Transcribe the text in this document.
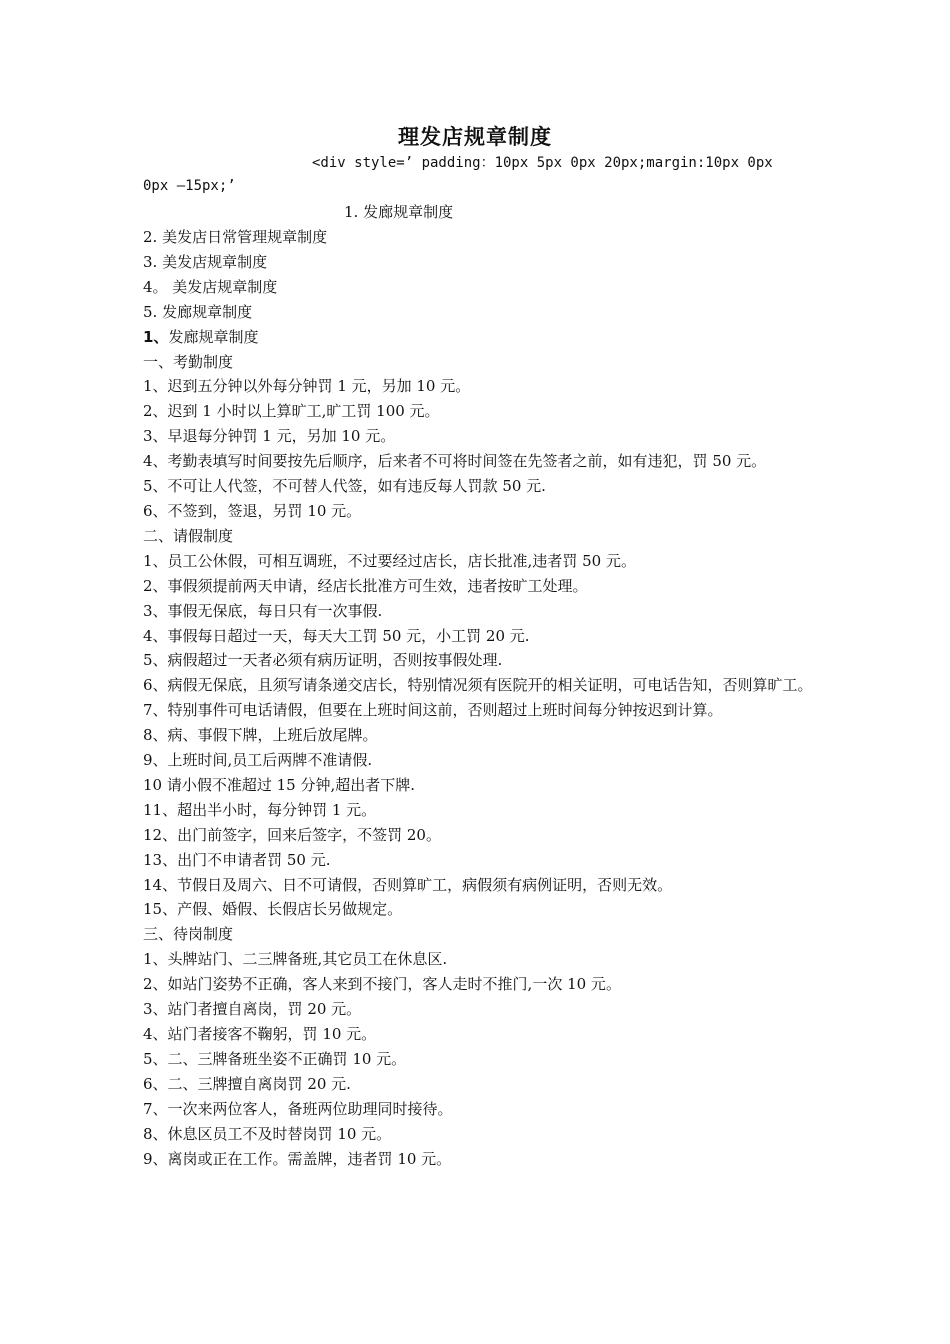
理发店规章制度
<div style=’ padding：10px 5px 0px 20px;margin:10px 0px
0px —15px;’
1. 发廊规章制度

2. 美发店日常管理规章制度

3. 美发店规章制度

4。 美发店规章制度

5. 发廊规章制度

1、发廊规章制度

一、考勤制度

1、迟到五分钟以外每分钟罚 1 元，另加 10 元。

2、迟到 1 小时以上算旷工,旷工罚 100 元。

3、早退每分钟罚 1 元，另加 10 元。

4、考勤表填写时间要按先后顺序，后来者不可将时间签在先签者之前，如有违犯，罚 50 元。

5、不可让人代签，不可替人代签，如有违反每人罚款 50 元.

6、不签到，签退，另罚 10 元。

二、请假制度

1、员工公休假，可相互调班，不过要经过店长，店长批准,违者罚 50 元。

2、事假须提前两天申请，经店长批准方可生效，违者按旷工处理。

3、事假无保底，每日只有一次事假.

4、事假每日超过一天，每天大工罚 50 元，小工罚 20 元.

5、病假超过一天者必须有病历证明，否则按事假处理.

6、病假无保底，且须写请条递交店长，特别情况须有医院开的相关证明，可电话告知，否则算旷工。

7、特别事件可电话请假，但要在上班时间这前，否则超过上班时间每分钟按迟到计算。

8、病、事假下牌，上班后放尾牌。

9、上班时间,员工后两牌不准请假.

10 请小假不准超过 15 分钟,超出者下牌.

11、超出半小时，每分钟罚 1 元。

12、出门前签字，回来后签字，不签罚 20。

13、出门不申请者罚 50 元.

14、节假日及周六、日不可请假，否则算旷工，病假须有病例证明，否则无效。

15、产假、婚假、长假店长另做规定。

三、待岗制度

1、头牌站门、二三牌备班,其它员工在休息区.

2、如站门姿势不正确，客人来到不接门，客人走时不推门,一次 10 元。

3、站门者擅自离岗，罚 20 元。

4、站门者接客不鞠躬，罚 10 元。

5、二、三牌备班坐姿不正确罚 10 元。

6、二、三牌擅自离岗罚 20 元.

7、一次来两位客人，备班两位助理同时接待。

8、休息区员工不及时替岗罚 10 元。

9、离岗或正在工作。需盖牌，违者罚 10 元。
